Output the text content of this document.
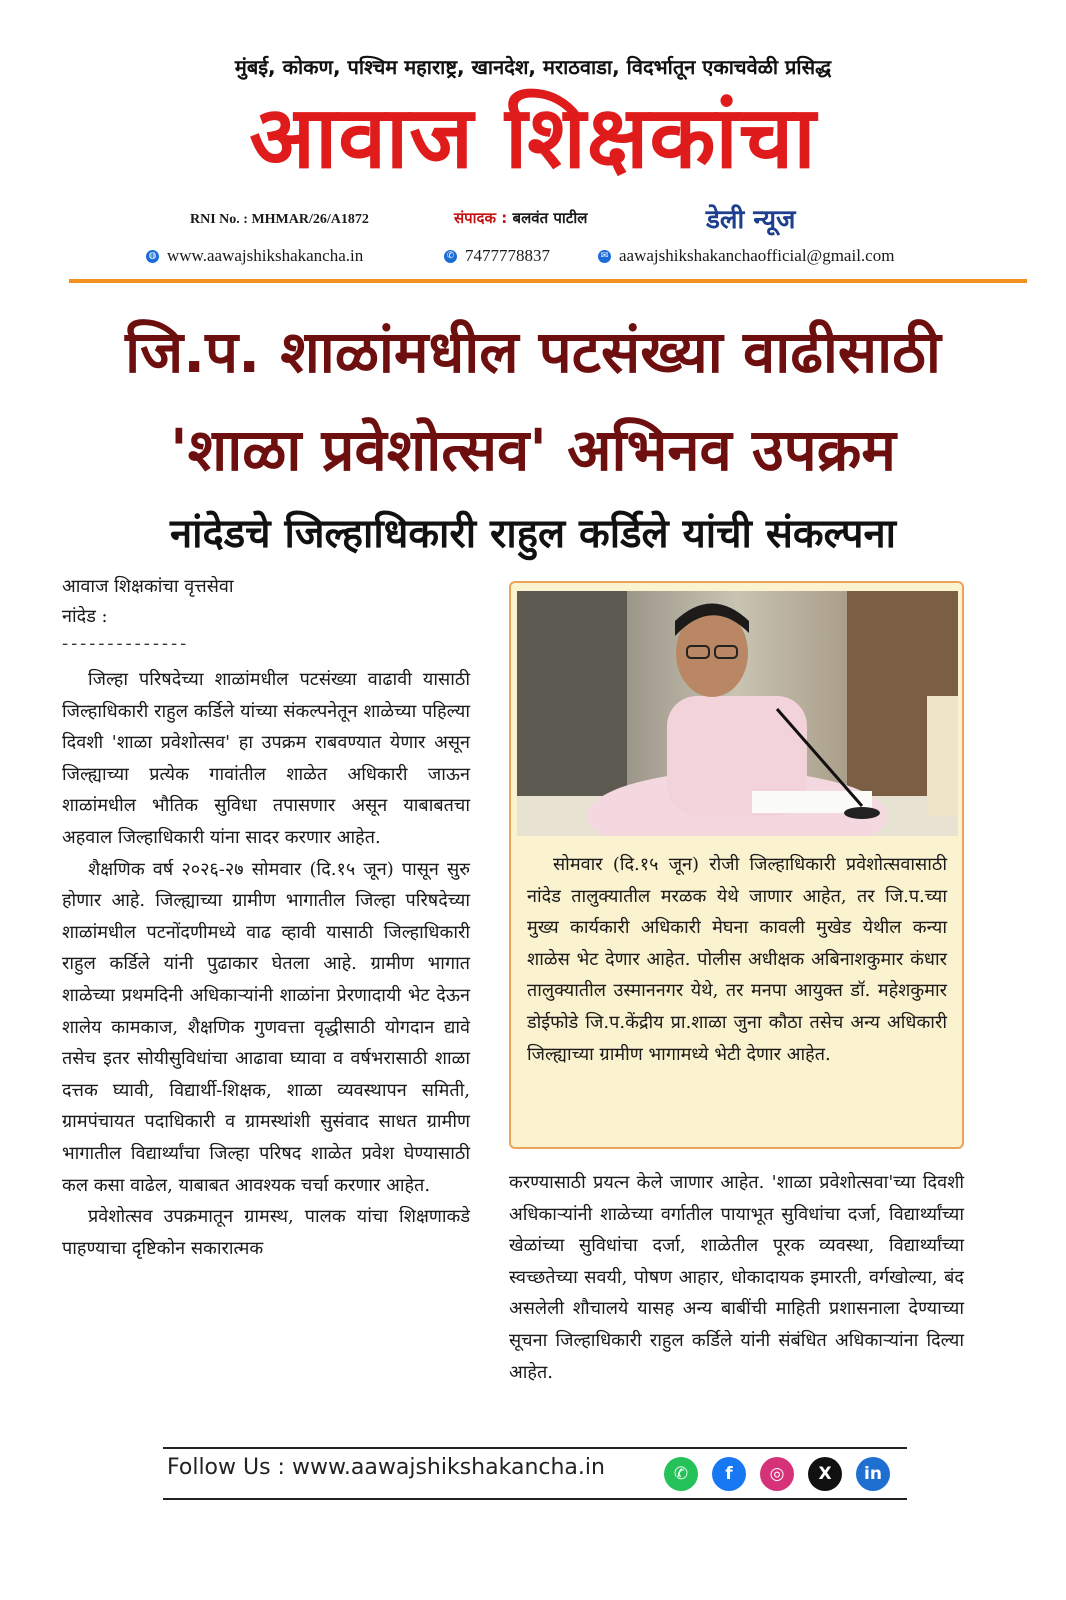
मुंबई, कोकण, पश्चिम महाराष्ट्र, खानदेश, मराठवाडा, विदर्भातून एकाचवेळी प्रसिद्ध
आवाज शिक्षकांचा
RNI No. : MHMAR/26/A1872	संपादक : बलवंत पाटील	डेली न्यूज
◍ www.aawajshikshakancha.in	✆ 7477778837	✉ aawajshikshakanchaofficial@gmail.com
जि.प. शाळांमधील पटसंख्या वाढीसाठी
'शाळा प्रवेशोत्सव' अभिनव उपक्रम
नांदेडचे जिल्हाधिकारी राहुल कर्डिले यांची संकल्पना
आवाज शिक्षकांचा वृत्तसेवा
नांदेड :
--------------

जिल्हा परिषदेच्या शाळांमधील पटसंख्या वाढावी यासाठी जिल्हाधिकारी राहुल कर्डिले यांच्या संकल्पनेतून शाळेच्या पहिल्या दिवशी 'शाळा प्रवेशोत्सव' हा उपक्रम राबवण्यात येणार असून जिल्ह्याच्या प्रत्येक गावांतील शाळेत अधिकारी जाऊन शाळांमधील भौतिक सुविधा तपासणार असून याबाबतचा अहवाल जिल्हाधिकारी यांना सादर करणार आहेत.

शैक्षणिक वर्ष २०२६-२७ सोमवार (दि.१५ जून) पासून सुरु होणार आहे. जिल्ह्याच्या ग्रामीण भागातील जिल्हा परिषदेच्या शाळांमधील पटनोंदणीमध्ये वाढ व्हावी यासाठी जिल्हाधिकारी राहुल कर्डिले यांनी पुढाकार घेतला आहे. ग्रामीण भागात शाळेच्या प्रथमदिनी अधिकाऱ्यांनी शाळांना प्रेरणादायी भेट देऊन शालेय कामकाज, शैक्षणिक गुणवत्ता वृद्धीसाठी योगदान द्यावे तसेच इतर सोयीसुविधांचा आढावा घ्यावा व वर्षभरासाठी शाळा दत्तक घ्यावी, विद्यार्थी-शिक्षक, शाळा व्यवस्थापन समिती, ग्रामपंचायत पदाधिकारी व ग्रामस्थांशी सुसंवाद साधत ग्रामीण भागातील विद्यार्थ्यांचा जिल्हा परिषद शाळेत प्रवेश घेण्यासाठी कल कसा वाढेल, याबाबत आवश्यक चर्चा करणार आहेत.

प्रवेशोत्सव उपक्रमातून ग्रामस्थ, पालक यांचा शिक्षणाकडे पाहण्याचा दृष्टिकोन सकारात्मक

सोमवार (दि.१५ जून) रोजी जिल्हाधिकारी प्रवेशोत्सवासाठी नांदेड तालुक्यातील मरळक येथे जाणार आहेत, तर जि.प.च्या मुख्य कार्यकारी अधिकारी मेघना कावली मुखेड येथील कन्या शाळेस भेट देणार आहेत. पोलीस अधीक्षक अबिनाशकुमार कंधार तालुक्यातील उस्माननगर येथे, तर मनपा आयुक्त डॉ. महेशकुमार डोईफोडे जि.प.केंद्रीय प्रा.शाळा जुना कौठा तसेच अन्य अधिकारी जिल्ह्याच्या ग्रामीण भागामध्ये भेटी देणार आहेत.

करण्यासाठी प्रयत्न केले जाणार आहेत. 'शाळा प्रवेशोत्सवा'च्या दिवशी अधिकाऱ्यांनी शाळेच्या वर्गातील पायाभूत सुविधांचा दर्जा, विद्यार्थ्यांच्या खेळांच्या सुविधांचा दर्जा, शाळेतील पूरक व्यवस्था, विद्यार्थ्यांच्या स्वच्छतेच्या सवयी, पोषण आहार, धोकादायक इमारती, वर्गखोल्या, बंद असलेली शौचालये यासह अन्य बाबींची माहिती प्रशासनाला देण्याच्या सूचना जिल्हाधिकारी राहुल कर्डिले यांनी संबंधित अधिकाऱ्यांना दिल्या आहेत.

Follow Us : www.aawajshikshakancha.in	✆	f	◎	X	in
